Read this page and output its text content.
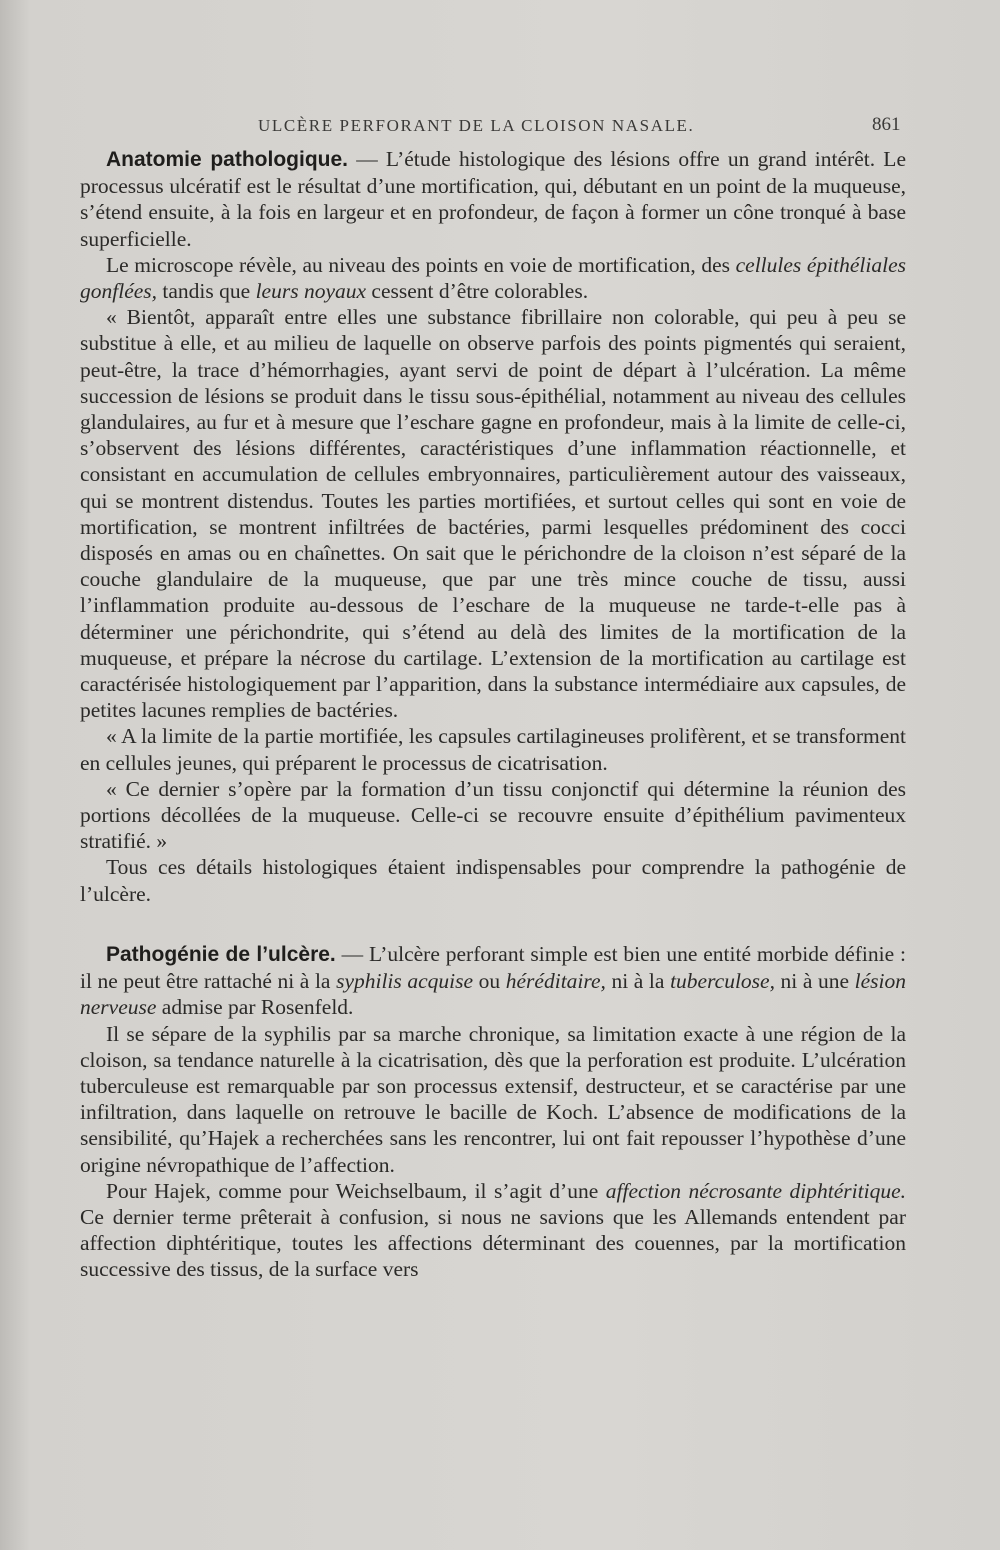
ULCÈRE PERFORANT DE LA CLOISON NASALE.	861

Anatomie pathologique. — L’étude histologique des lésions offre un grand intérêt. Le processus ulcératif est le résultat d’une mortification, qui, débutant en un point de la muqueuse, s’étend ensuite, à la fois en largeur et en profondeur, de façon à former un cône tronqué à base superficielle.

Le microscope révèle, au niveau des points en voie de mortification, des cellules épithéliales gonflées, tandis que leurs noyaux cessent d’être colorables.

« Bientôt, apparaît entre elles une substance fibrillaire non colorable, qui peu à peu se substitue à elle, et au milieu de laquelle on observe parfois des points pigmentés qui seraient, peut-être, la trace d’hémorrhagies, ayant servi de point de départ à l’ulcération. La même succession de lésions se produit dans le tissu sous-épithélial, notamment au niveau des cellules glandulaires, au fur et à mesure que l’eschare gagne en profondeur, mais à la limite de celle-ci, s’observent des lésions différentes, caractéristiques d’une inflammation réactionnelle, et consistant en accumulation de cellules embryonnaires, particulièrement autour des vaisseaux, qui se montrent distendus. Toutes les parties mortifiées, et surtout celles qui sont en voie de mortification, se montrent infiltrées de bactéries, parmi lesquelles prédominent des cocci disposés en amas ou en chaînettes. On sait que le périchondre de la cloison n’est séparé de la couche glandulaire de la muqueuse, que par une très mince couche de tissu, aussi l’inflammation produite au-dessous de l’eschare de la muqueuse ne tarde-t-elle pas à déterminer une périchondrite, qui s’étend au delà des limites de la mortification de la muqueuse, et prépare la nécrose du cartilage. L’extension de la mortification au cartilage est caractérisée histologiquement par l’apparition, dans la substance intermédiaire aux capsules, de petites lacunes remplies de bactéries.

« A la limite de la partie mortifiée, les capsules cartilagineuses prolifèrent, et se transforment en cellules jeunes, qui préparent le processus de cicatrisation.

« Ce dernier s’opère par la formation d’un tissu conjonctif qui détermine la réunion des portions décollées de la muqueuse. Celle-ci se recouvre ensuite d’épithélium pavimenteux stratifié. »

Tous ces détails histologiques étaient indispensables pour comprendre la pathogénie de l’ulcère.

Pathogénie de l’ulcère. — L’ulcère perforant simple est bien une entité morbide définie : il ne peut être rattaché ni à la syphilis acquise ou héréditaire, ni à la tuberculose, ni à une lésion nerveuse admise par Rosenfeld.

Il se sépare de la syphilis par sa marche chronique, sa limitation exacte à une région de la cloison, sa tendance naturelle à la cicatrisation, dès que la perforation est produite. L’ulcération tuberculeuse est remarquable par son processus extensif, destructeur, et se caractérise par une infiltration, dans laquelle on retrouve le bacille de Koch. L’absence de modifications de la sensibilité, qu’Hajek a recherchées sans les rencontrer, lui ont fait repousser l’hypothèse d’une origine névropathique de l’affection.

Pour Hajek, comme pour Weichselbaum, il s’agit d’une affection nécrosante diphtéritique. Ce dernier terme prêterait à confusion, si nous ne savions que les Allemands entendent par affection diphtéritique, toutes les affections déterminant des couennes, par la mortification successive des tissus, de la surface vers
